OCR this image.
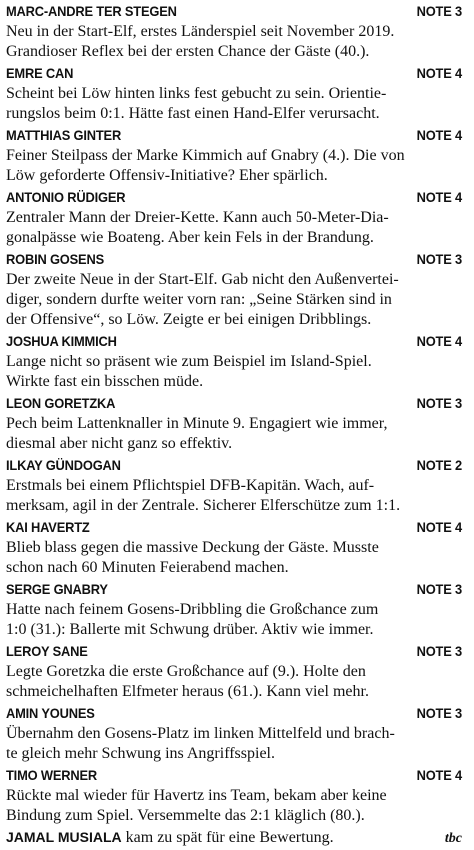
MARC-ANDRE TER STEGEN	NOTE 3
Neu in der Start-Elf, erstes Länderspiel seit November 2019.
Grandioser Reflex bei der ersten Chance der Gäste (40.).
EMRE CAN	NOTE 4
Scheint bei Löw hinten links fest gebucht zu sein. Orientie-
rungslos beim 0:1. Hätte fast einen Hand-Elfer verursacht.
MATTHIAS GINTER	NOTE 4
Feiner Steilpass der Marke Kimmich auf Gnabry (4.). Die von
Löw geforderte Offensiv-Initiative? Eher spärlich.
ANTONIO RÜDIGER	NOTE 4
Zentraler Mann der Dreier-Kette. Kann auch 50-Meter-Dia-
gonalpässe wie Boateng. Aber kein Fels in der Brandung.
ROBIN GOSENS	NOTE 3
Der zweite Neue in der Start-Elf. Gab nicht den Außenvertei-
diger, sondern durfte weiter vorn ran: „Seine Stärken sind in
der Offensive“, so Löw. Zeigte er bei einigen Dribblings.
JOSHUA KIMMICH	NOTE 4
Lange nicht so präsent wie zum Beispiel im Island-Spiel.
Wirkte fast ein bisschen müde.
LEON GORETZKA	NOTE 3
Pech beim Lattenknaller in Minute 9. Engagiert wie immer,
diesmal aber nicht ganz so effektiv.
ILKAY GÜNDOGAN	NOTE 2
Erstmals bei einem Pflichtspiel DFB-Kapitän. Wach, auf-
merksam, agil in der Zentrale. Sicherer Elferschütze zum 1:1.
KAI HAVERTZ	NOTE 4
Blieb blass gegen die massive Deckung der Gäste. Musste
schon nach 60 Minuten Feierabend machen.
SERGE GNABRY	NOTE 3
Hatte nach feinem Gosens-Dribbling die Großchance zum
1:0 (31.): Ballerte mit Schwung drüber. Aktiv wie immer.
LEROY SANE	NOTE 3
Legte Goretzka die erste Großchance auf (9.). Holte den
schmeichelhaften Elfmeter heraus (61.). Kann viel mehr.
AMIN YOUNES	NOTE 3
Übernahm den Gosens-Platz im linken Mittelfeld und brach-
te gleich mehr Schwung ins Angriffsspiel.
TIMO WERNER	NOTE 4
Rückte mal wieder für Havertz ins Team, bekam aber keine
Bindung zum Spiel. Versemmelte das 2:1 kläglich (80.).
JAMAL MUSIALA kam zu spät für eine Bewertung.	tbc
